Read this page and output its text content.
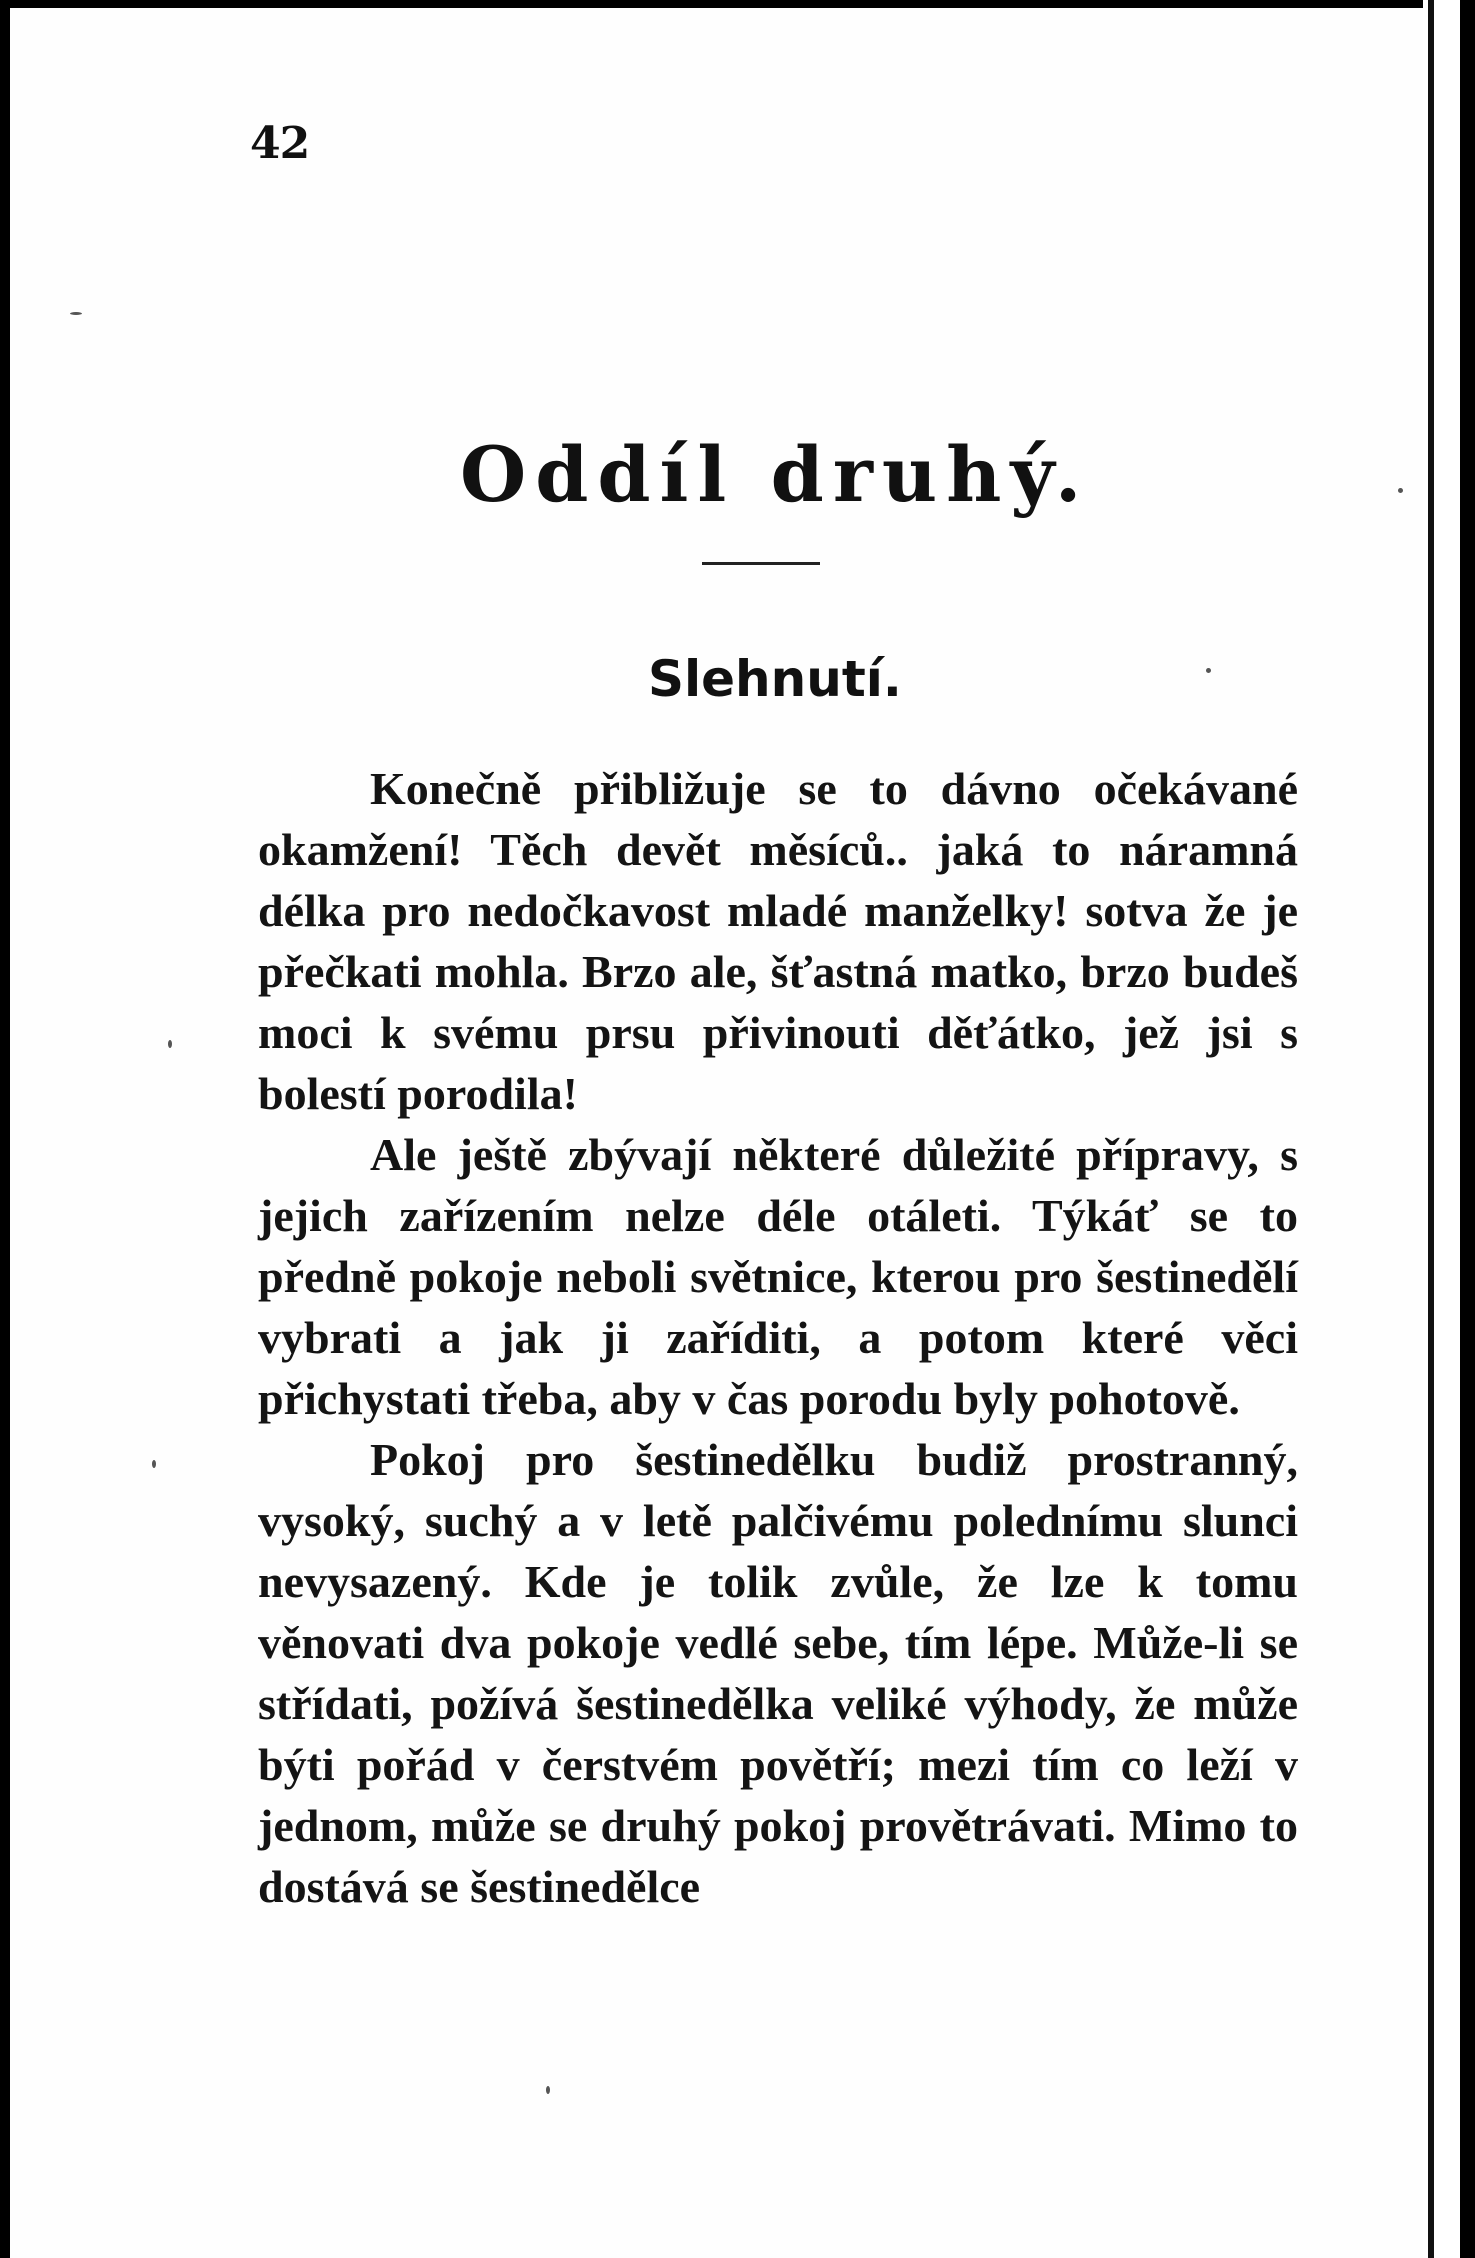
42
Oddíl druhý.
Slehnutí.

Konečně přibližuje se to dávno očekávané okamžení! Těch devět měsíců.. jaká to náramná délka pro nedočkavost mladé manželky! sotva že je přečkati mohla. Brzo ale, šťastná matko, brzo budeš moci k svému prsu přivinouti děťátko, jež jsi s bolestí porodila!

Ale ještě zbývají některé důležité přípravy, s jejich zařízením nelze déle otáleti. Týkáť se to předně pokoje neboli světnice, kterou pro šestinedělí vybrati a jak ji zaříditi, a potom které věci přichystati třeba, aby v čas porodu byly pohotově.

Pokoj pro šestinedělku budiž prostranný, vysoký, suchý a v letě palčivému polednímu slunci nevysazený. Kde je tolik zvůle, že lze k tomu věnovati dva pokoje vedlé sebe, tím lépe. Může-li se střídati, požívá šestinedělka veliké výhody, že může býti pořád v čerstvém povětří; mezi tím co leží v jednom, může se druhý pokoj provětrávati. Mimo to dostává se šestinedělce
